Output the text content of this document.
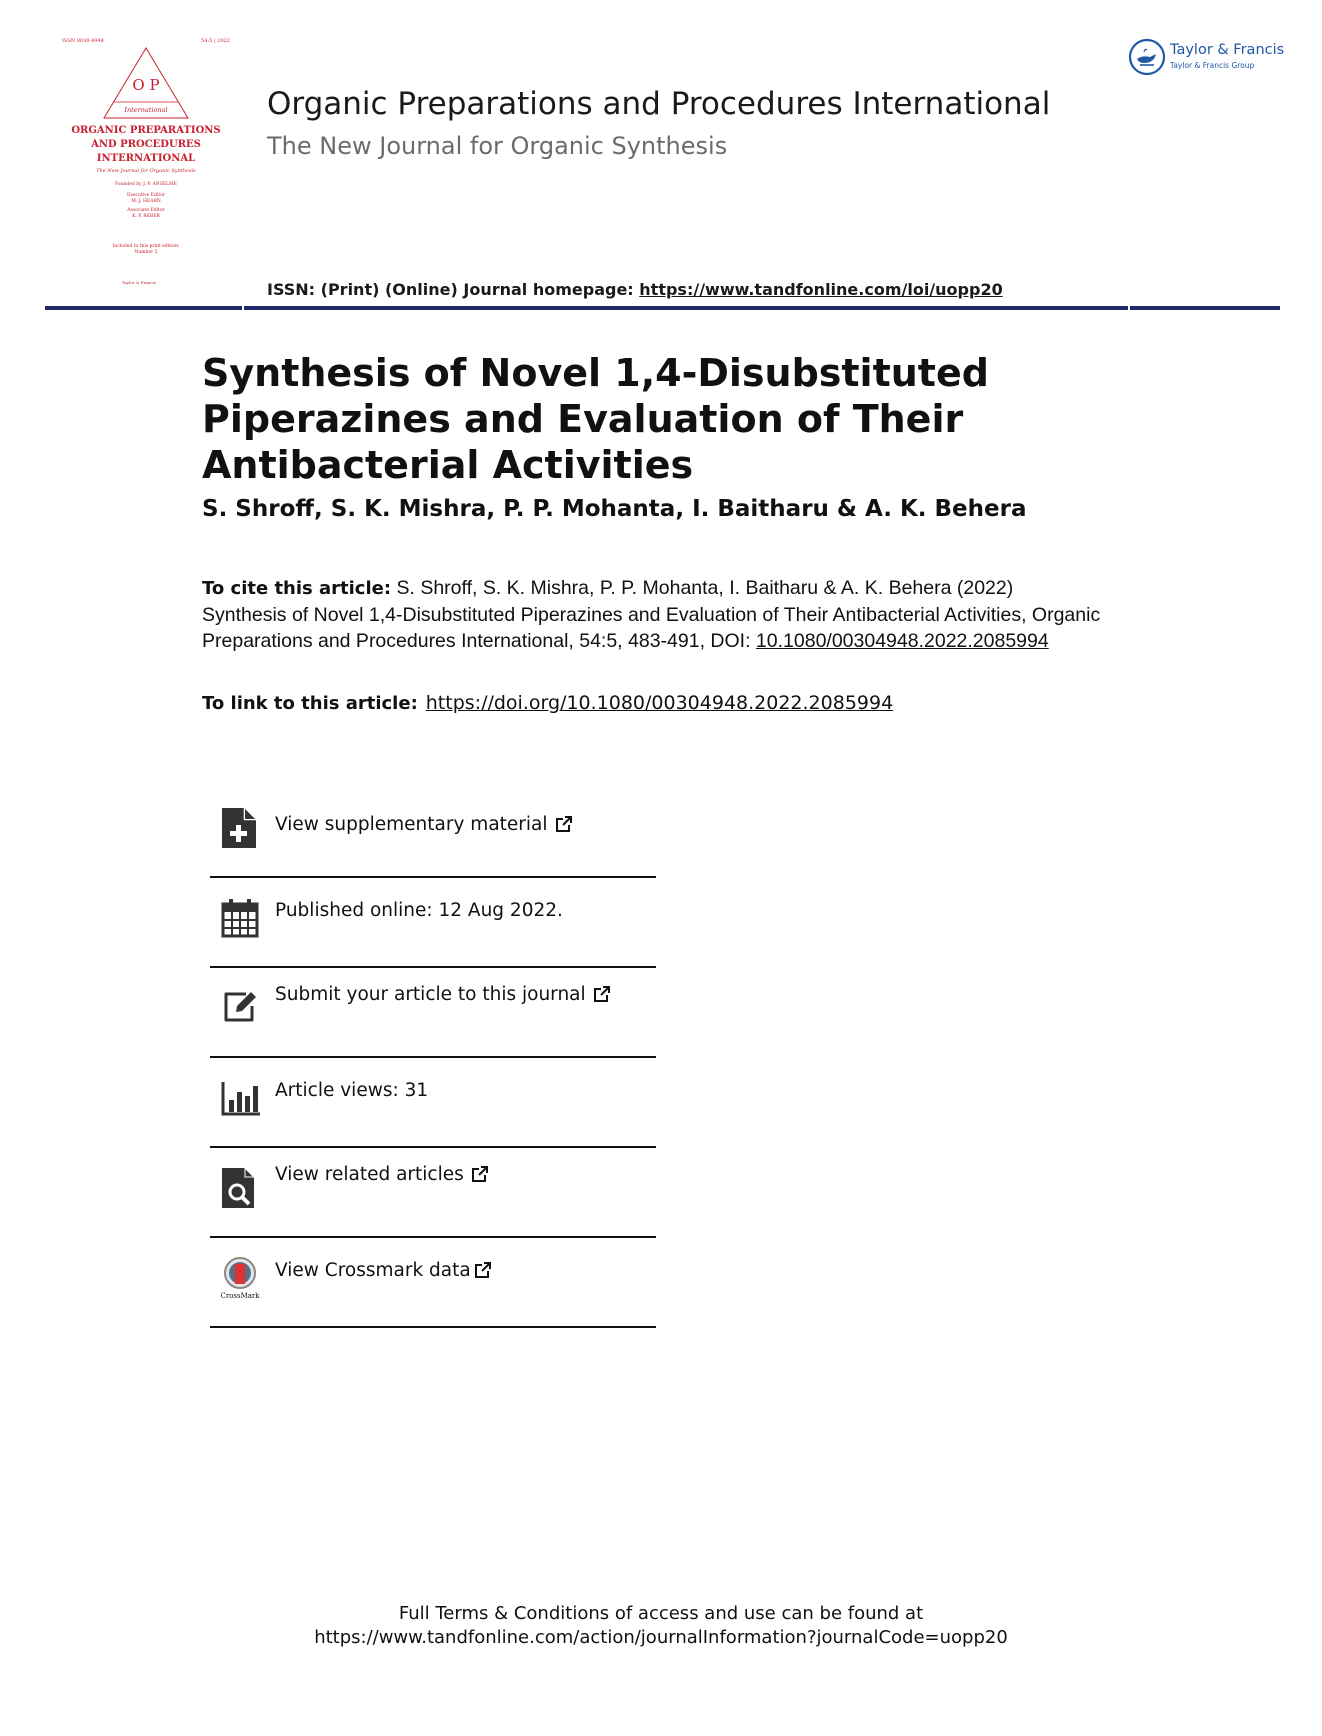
ISSN 0030-4948	54:5 | 2022
O P
International
ORGANIC PREPARATIONS
AND PROCEDURES
INTERNATIONAL
The New Journal for Organic Synthesis
Founded by J.-P. ANSELME
Executive Editor
M. J. HEARN
Associate Editor
K. P. REBER
Included in this print edition:
Number 5
Taylor & Francis
Taylor & Francis
Taylor & Francis Group
Organic Preparations and Procedures International
The New Journal for Organic Synthesis
ISSN: (Print) (Online) Journal homepage: https://www.tandfonline.com/loi/uopp20
Synthesis of Novel 1,4-Disubstituted Piperazines and Evaluation of Their Antibacterial Activities
S. Shroff, S. K. Mishra, P. P. Mohanta, I. Baitharu & A. K. Behera
To cite this article: S. Shroff, S. K. Mishra, P. P. Mohanta, I. Baitharu & A. K. Behera (2022) Synthesis of Novel 1,4-Disubstituted Piperazines and Evaluation of Their Antibacterial Activities, Organic Preparations and Procedures International, 54:5, 483-491, DOI: 10.1080/00304948.2022.2085994
To link to this article: https://doi.org/10.1080/00304948.2022.2085994
View supplementary material
Published online: 12 Aug 2022.
Submit your article to this journal
Article views: 31
View related articles
CrossMark
View Crossmark data
Full Terms & Conditions of access and use can be found at
https://www.tandfonline.com/action/journalInformation?journalCode=uopp20
